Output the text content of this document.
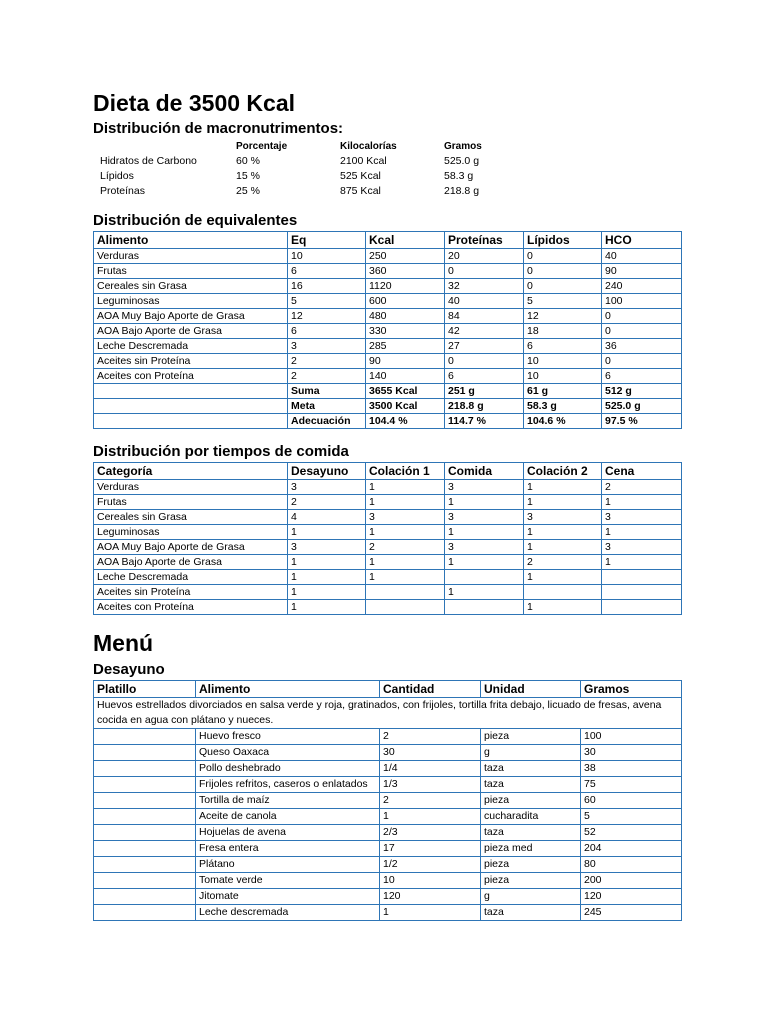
Dieta de 3500 Kcal
Distribución de macronutrimentos:
Porcentaje	Kilocalorías	Gramos
Hidratos de Carbono	60 %	2100 Kcal	525.0 g
Lípidos	15 %	525 Kcal	58.3 g
Proteínas	25 %	875 Kcal	218.8 g
Distribución de equivalentes
Alimento	Eq	Kcal	Proteínas	Lípidos	HCO
Verduras	10	250	20	0	40
Frutas	6	360	0	0	90
Cereales sin Grasa	16	1120	32	0	240
Leguminosas	5	600	40	5	100
AOA Muy Bajo Aporte de Grasa	12	480	84	12	0
AOA Bajo Aporte de Grasa	6	330	42	18	0
Leche Descremada	3	285	27	6	36
Aceites sin Proteína	2	90	0	10	0
Aceites con Proteína	2	140	6	10	6
	Suma	3655 Kcal	251 g	61 g	512 g
	Meta	3500 Kcal	218.8 g	58.3 g	525.0 g
	Adecuación	104.4 %	114.7 %	104.6 %	97.5 %
Distribución por tiempos de comida
Categoría	Desayuno	Colación 1	Comida	Colación 2	Cena
Verduras	3	1	3	1	2
Frutas	2	1	1	1	1
Cereales sin Grasa	4	3	3	3	3
Leguminosas	1	1	1	1	1
AOA Muy Bajo Aporte de Grasa	3	2	3	1	3
AOA Bajo Aporte de Grasa	1	1	1	2	1
Leche Descremada	1	1		1	
Aceites sin Proteína	1		1		
Aceites con Proteína	1			1	
Menú
Desayuno
Platillo	Alimento	Cantidad	Unidad	Gramos
Huevos estrellados divorciados en salsa verde y roja, gratinados, con frijoles, tortilla frita debajo, licuado de fresas, avena cocida en agua con plátano y nueces.				
	Huevo fresco	2	pieza	100
	Queso Oaxaca	30	g	30
	Pollo deshebrado	1/4	taza	38
	Frijoles refritos, caseros o enlatados	1/3	taza	75
	Tortilla de maíz	2	pieza	60
	Aceite de canola	1	cucharadita	5
	Hojuelas de avena	2/3	taza	52
	Fresa entera	17	pieza med	204
	Plátano	1/2	pieza	80
	Tomate verde	10	pieza	200
	Jitomate	120	g	120
	Leche descremada	1	taza	245
